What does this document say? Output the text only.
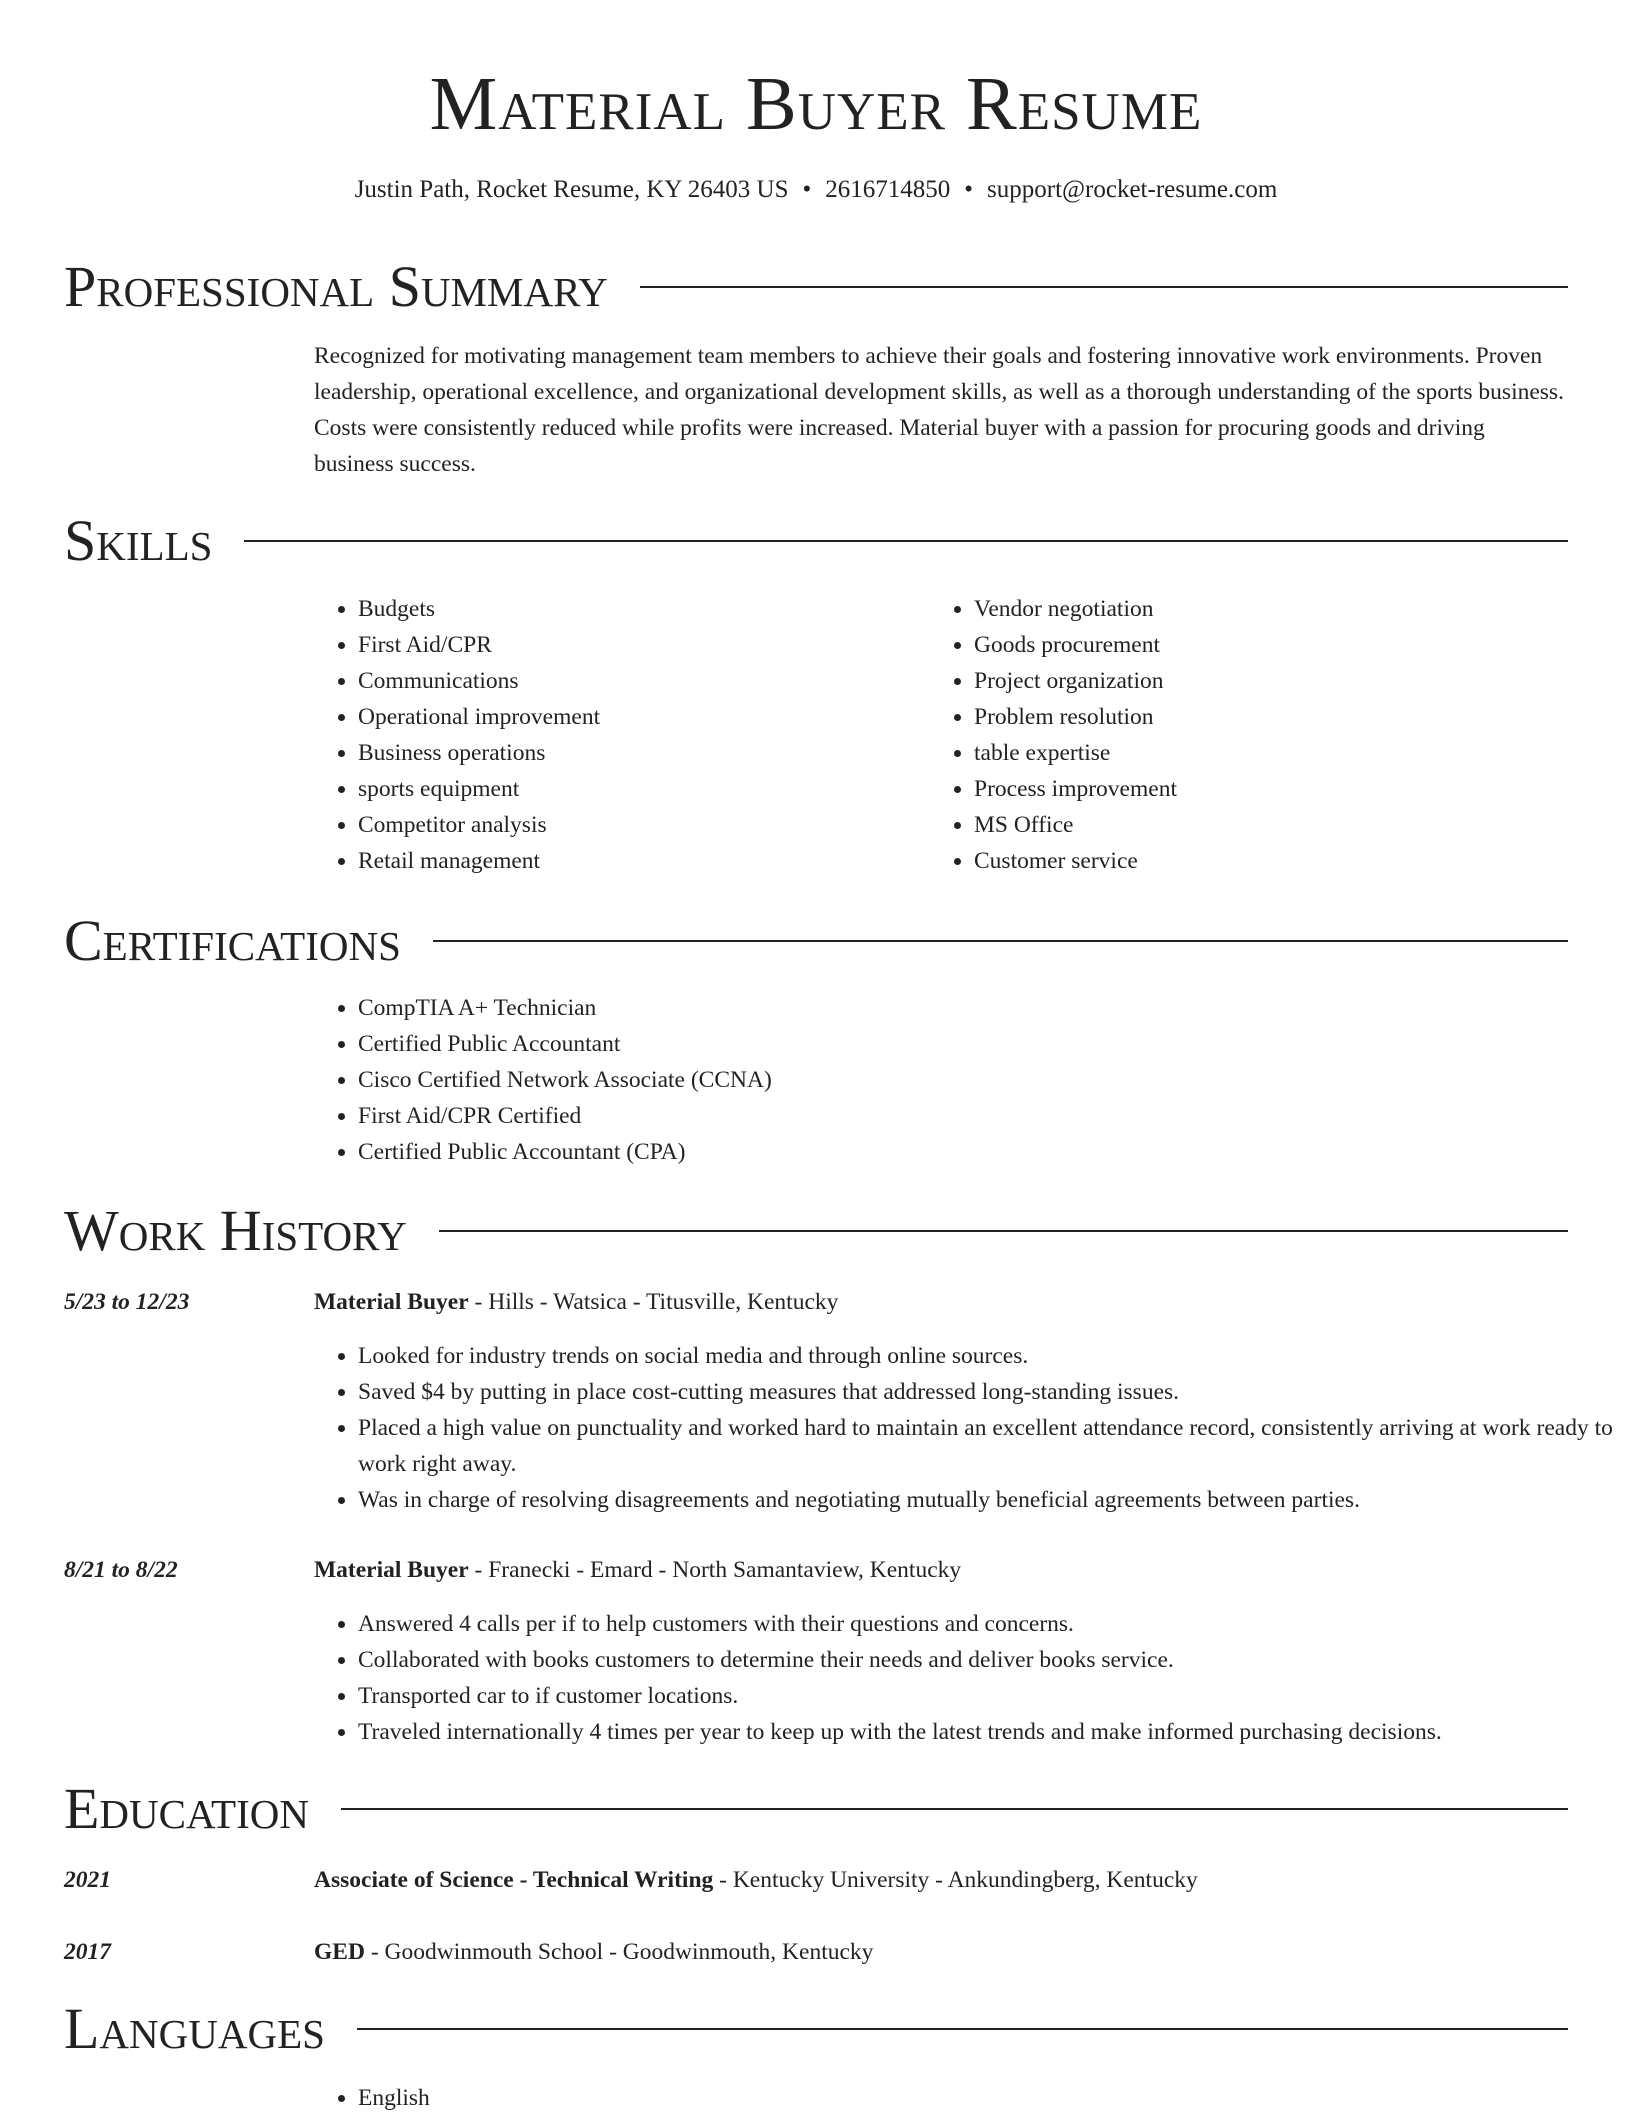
Material Buyer Resume
Justin Path, Rocket Resume, KY 26403 US • 2616714850 • support@rocket-resume.com
Professional Summary

Recognized for motivating management team members to achieve their goals and fostering innovative work environments. Proven leadership, operational excellence, and organizational development skills, as well as a thorough understanding of the sports business. Costs were consistently reduced while profits were increased. Material buyer with a passion for procuring goods and driving business success.

Skills
• Budgets
• First Aid/CPR
• Communications
• Operational improvement
• Business operations
• sports equipment
• Competitor analysis
• Retail management
• Vendor negotiation
• Goods procurement
• Project organization
• Problem resolution
• table expertise
• Process improvement
• MS Office
• Customer service
Certifications
• CompTIA A+ Technician
• Certified Public Accountant
• Cisco Certified Network Associate (CCNA)
• First Aid/CPR Certified
• Certified Public Accountant (CPA)
Work History
5/23 to 12/23	Material Buyer - Hills - Watsica - Titusville, Kentucky
• Looked for industry trends on social media and through online sources.
• Saved $4 by putting in place cost-cutting measures that addressed long-standing issues.
• Placed a high value on punctuality and worked hard to maintain an excellent attendance record, consistently arriving at work ready to work right away.
• Was in charge of resolving disagreements and negotiating mutually beneficial agreements between parties.
8/21 to 8/22	Material Buyer - Franecki - Emard - North Samantaview, Kentucky
• Answered 4 calls per if to help customers with their questions and concerns.
• Collaborated with books customers to determine their needs and deliver books service.
• Transported car to if customer locations.
• Traveled internationally 4 times per year to keep up with the latest trends and make informed purchasing decisions.
Education
2021	Associate of Science - Technical Writing - Kentucky University - Ankundingberg, Kentucky
2017	GED - Goodwinmouth School - Goodwinmouth, Kentucky
Languages
• English
